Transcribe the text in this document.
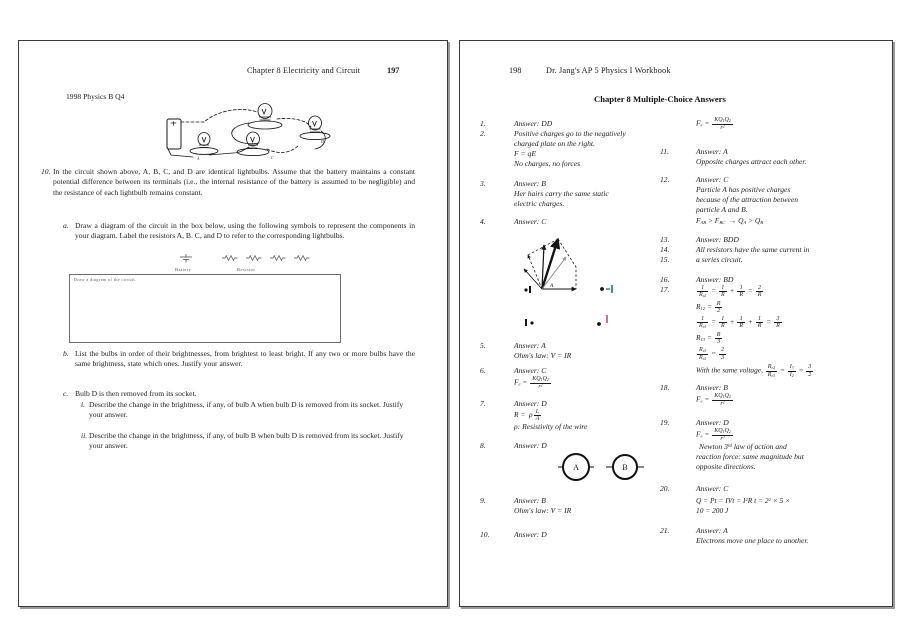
Chapter 8 Electricity and Circuit	197
1998 Physics B Q4
A	C
D
10. In the circuit shown above, A, B, C, and D are identical lightbulbs. Assume that the battery maintains a constant potential difference between its terminals (i.e., the internal resistance of the battery is assumed to be negligible) and the resistance of each lightbulb remains constant.
a. Draw a diagram of the circuit in the box below, using the following symbols to represent the components in your diagram. Label the resistors A, B. C, and D to refer to the corresponding lightbulbs.
Battery	Resistor
Draw a diagram of the circuit.
b. List the bulbs in order of their brightnesses, from brightest to least bright. If any two or more bulbs have the same brightness, state which ones. Justify your answer.
c. Bulb D is then removed from its socket.
i. Describe the change in the brightness, if any, of bulb A when bulb D is removed from its socket. Justify your answer.
ii. Describe the change in the brightness, if any, of bulb B when bulb D is removed from its socket. Justify your answer.
198	Dr. Jang's AP 5 Physics I Workbook
Chapter 8 Multiple-Choice Answers
1.	Answer: DD
2.	Positive charges go to the negatively
charged plate on the right.
F = qE
No charges, no forces
3.	Answer: B
Her hairs carry the same static
electric charges.
4.	Answer: C
A
5.	Answer: A
Ohm's law: V = IR
6.	Answer: C
$F_e = \frac{KQ_1Q_2}{r^2}$
7.	Answer: D
R =  ρ $\frac{L}{A}$
ρ: Resistivity of the wire
8.	Answer: D
A	B
9.	Answer: B
Ohm's law: V = IR
10.	Answer: D
$F_e = \frac{KQ_1Q_2}{r^2}$
11.	Answer: A
Opposite charges attract each other.
12.	Answer: C
Particle A has positive charges
because of the attraction between
particle A and B.
$F_{AB} > F_{BC} \to Q_A > Q_B$
13.	Answer: BDD
14.	All resistors have the same current in
15.	a series circuit.
16.	Answer: BD
17.	$\frac{1}{R_{e2}} = \frac{1}{R} + \frac{1}{R} = \frac{2}{R}$
$R_{12} = \frac{R}{2}$
$\frac{1}{R_{e3}} = \frac{1}{R} + \frac{1}{R} + \frac{1}{R} = \frac{3}{R}$
$R_{13} = \frac{R}{3}$
$\frac{R_{e3}}{R_{e2}} = \frac{2}{3}$
With the same voltage, $\frac{R_{e2}}{R_{e3}} = \frac{I_3}{I_2} = \frac{3}{2}$
18.	Answer: B
$F_e = \frac{KQ_1Q_2}{r^2}$
19.	Answer: D
$F_e = \frac{KQ_1Q_2}{r^3}$
Newton 3rd law of action and
reaction force: same magnitude but
opposite directions.
20.	Answer: C
Q = Pt = IVt = $I^2R$ $t = 2^2 \times 5$ ×
10 = 200 J
21.	Answer: A
Electrons move one place to another.
